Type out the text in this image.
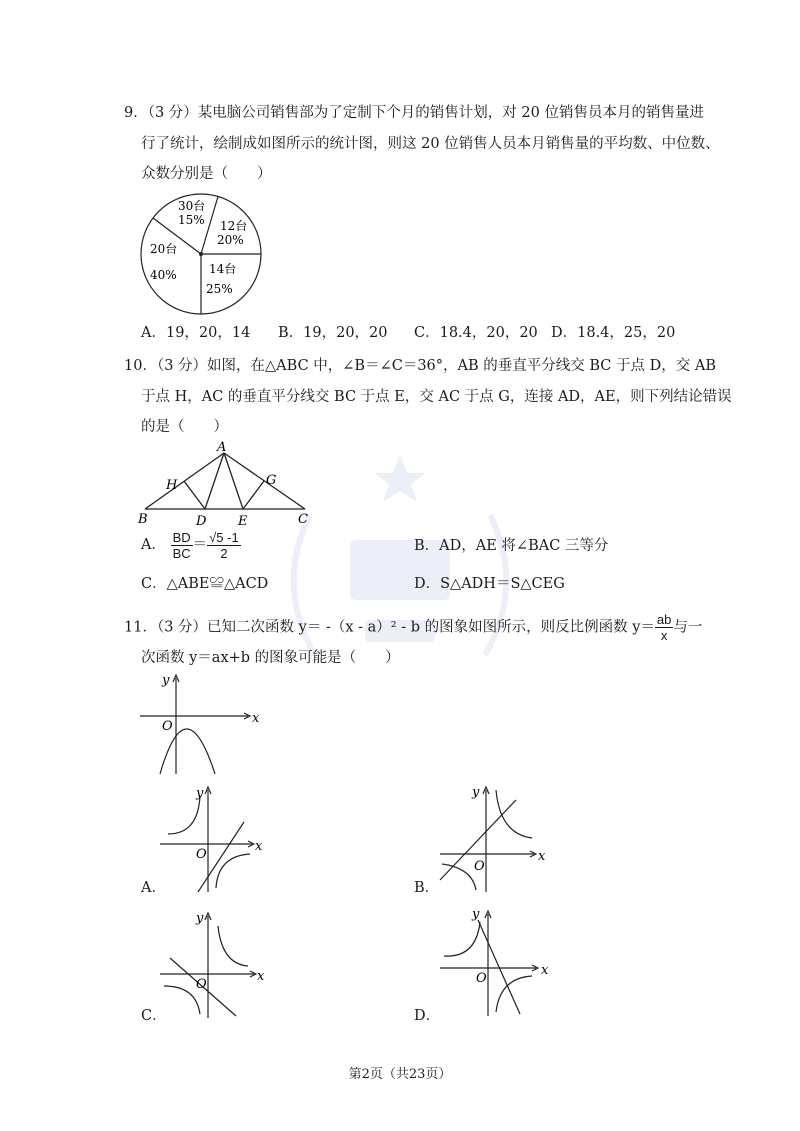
9．（3 分）某电脑公司销售部为了定制下个月的销售计划，对 20 位销售员本月的销售量进
行了统计，绘制成如图所示的统计图，则这 20 位销售人员本月销售量的平均数、中位数、
众数分别是（　　）
30台
15% 12台
20%
20台
40%	14台
25%
A．19，20，14 B．19，20，20 C．18.4，20，20 D．18.4，25，20
10．（3 分）如图，在△ABC 中，∠B＝∠C＝36°，AB 的垂直平分线交 BC 于点 D，交 AB
于点 H，AC 的垂直平分线交 BC 于点 E，交 AC 于点 G，连接 AD，AE，则下列结论错误
的是（　　）
A
B	C
D E
G
H
A． $\frac{BD}{BC} = \frac{√5 -1}{2}$	B．AD，AE 将∠BAC 三等分
C．△ABE≌△ACD	D．S△ADH＝S△CEG
11．（3 分）已知二次函数 y＝ -（x - a）² - b 的图象如图所示，则反比例函数 $y= \frac{ab}{x}$ 与一
次函数 y＝ax+b 的图象可能是（　　）
x
y
O
A．
x
y
O
B．
x
y
O
C．
x
y
O
D．
x
y
O
第2页（共23页）
